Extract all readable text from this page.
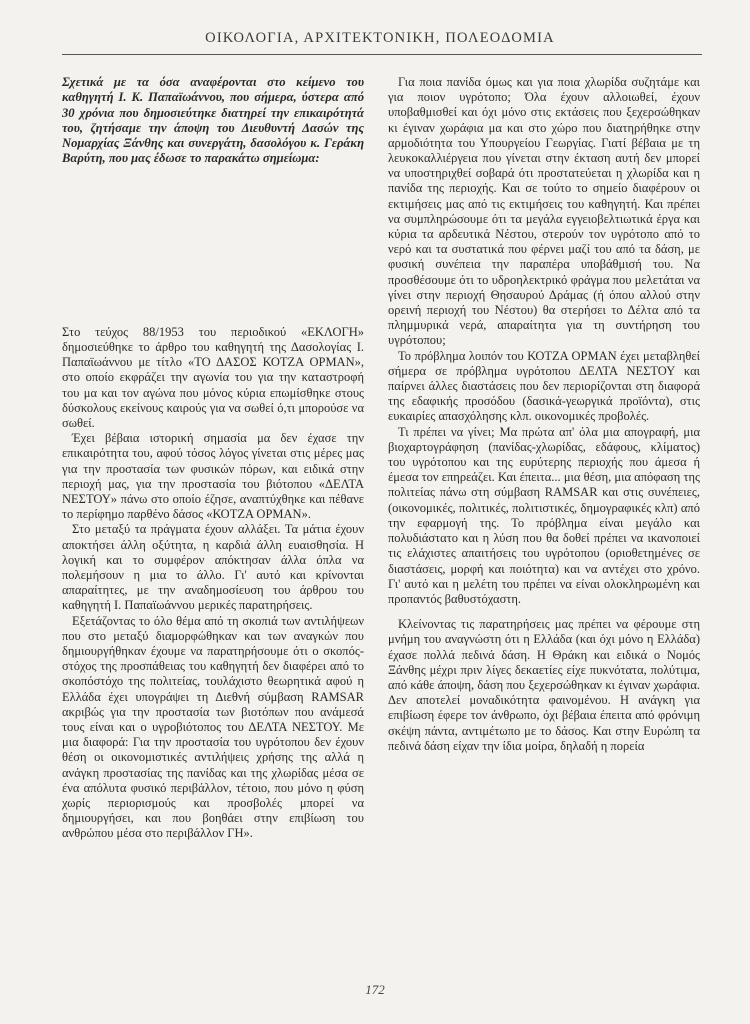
ΟΙΚΟΛΟΓΙΑ, ΑΡΧΙΤΕΚΤΟΝΙΚΗ, ΠΟΛΕΟΔΟΜΙΑ

Σχετικά με τα όσα αναφέρονται στο κείμενο του καθηγητή Ι. Κ. Παπαϊωάννου, που σήμερα, ύστερα από 30 χρόνια που δημοσιεύτηκε διατηρεί την επικαιρότητά του, ζητήσαμε την άποψη του Διευθυντή Δασών της Νομαρχίας Ξάνθης και συνεργάτη, δασολόγου κ. Γεράκη Βαρύτη, που μας έδωσε το παρακάτω σημείωμα:

Στο τεύχος 88/1953 του περιοδικού «ΕΚΛΟΓΗ» δημοσιεύθηκε το άρθρο του καθηγητή της Δασολογίας Ι. Παπαϊωάννου με τίτλο «ΤΟ ΔΑΣΟΣ ΚΟΤΖΑ ΟΡΜΑΝ», στο οποίο εκφράζει την αγωνία του για την καταστροφή του μα και τον αγώνα που μόνος κύρια επωμίσθηκε στους δύσκολους εκείνους καιρούς για να σωθεί ό,τι μπορούσε να σωθεί.

Έχει βέβαια ιστορική σημασία μα δεν έχασε την επικαιρότητα του, αφού τόσος λόγος γίνεται στις μέρες μας για την προστασία των φυσικών πόρων, και ειδικά στην περιοχή μας, για την προστασία του βιότοπου «ΔΕΛΤΑ ΝΕΣΤΟΥ» πάνω στο οποίο έζησε, αναπτύχθηκε και πέθανε το περίφημο παρθένο δάσος «ΚΟΤΖΑ ΟΡΜΑΝ».

Στο μεταξύ τα πράγματα έχουν αλλάξει. Τα μάτια έχουν αποκτήσει άλλη οξύτητα, η καρδιά άλλη ευαισθησία. Η λογική και το συμφέρον απόκτησαν άλλα όπλα να πολεμήσουν η μια το άλλο. Γι' αυτό και κρίνονται απαραίτητες, με την αναδημοσίευση του άρθρου του καθηγητή Ι. Παπαϊωάννου μερικές παρατηρήσεις.

Εξετάζοντας το όλο θέμα από τη σκοπιά των αντιλήψεων που στο μεταξύ διαμορφώθηκαν και των αναγκών που δημιουργήθηκαν έχουμε να παρατηρήσουμε ότι ο σκοπός-στόχος της προσπάθειας του καθηγητή δεν διαφέρει από το σκοπόστόχο της πολιτείας, τουλάχιστο θεωρητικά αφού η Ελλάδα έχει υπογράψει τη Διεθνή σύμβαση RAMSAR ακριβώς για την προστασία των βιοτόπων που ανάμεσά τους είναι και ο υγροβιότοπος του ΔΕΛΤΑ ΝΕΣΤΟΥ. Με μια διαφορά: Για την προστασία του υγρότοπου δεν έχουν θέση οι οικονομιστικές αντιλήψεις χρήσης της αλλά η ανάγκη προστασίας της πανίδας και της χλωρίδας μέσα σε ένα απόλυτα φυσικό περιβάλλον, τέτοιο, που μόνο η φύση χωρίς περιορισμούς και προσβολές μπορεί να δημιουργήσει, και που βοηθάει στην επιβίωση του ανθρώπου μέσα στο περιβάλλον ΓΗ».

Για ποια πανίδα όμως και για ποια χλωρίδα συζητάμε και για ποιον υγρότοπο; Όλα έχουν αλλοιωθεί, έχουν υποβαθμισθεί και όχι μόνο στις εκτάσεις που ξεχερσώθηκαν κι έγιναν χωράφια μα και στο χώρο που διατηρήθηκε στην αρμοδιότητα του Υπουργείου Γεωργίας. Γιατί βέβαια με τη λευκοκαλλιέργεια που γίνεται στην έκταση αυτή δεν μπορεί να υποστηριχθεί σοβαρά ότι προστατεύεται η χλωρίδα και η πανίδα της περιοχής. Και σε τούτο το σημείο διαφέρουν οι εκτιμήσεις μας από τις εκτιμήσεις του καθηγητή. Και πρέπει να συμπληρώσουμε ότι τα μεγάλα εγγειοβελτιωτικά έργα και κύρια τα αρδευτικά Νέστου, στερούν τον υγρότοπο από το νερό και τα συστατικά που φέρνει μαζί του από τα δάση, με φυσική συνέπεια την παραπέρα υποβάθμισή του. Να προσθέσουμε ότι το υδροηλεκτρικό φράγμα που μελετάται να γίνει στην περιοχή Θησαυρού Δράμας (ή όπου αλλού στην ορεινή περιοχή του Νέστου) θα στερήσει το Δέλτα από τα πλημμυρικά νερά, απαραίτητα για τη συντήρηση του υγρότοπου;

Το πρόβλημα λοιπόν του ΚΟΤΖΑ ΟΡΜΑΝ έχει μεταβληθεί σήμερα σε πρόβλημα υγρότοπου ΔΕΛΤΑ ΝΕΣΤΟΥ και παίρνει άλλες διαστάσεις που δεν περιορίζονται στη διαφορά της εδαφικής προσόδου (δασικά-γεωργικά προϊόντα), στις ευκαιρίες απασχόλησης κλπ. οικονομικές προβολές.

Τι πρέπει να γίνει; Μα πρώτα απ' όλα μια απογραφή, μια βιοχαρτογράφηση (πανίδας-χλωρίδας, εδάφους, κλίματος) του υγρότοπου και της ευρύτερης περιοχής που άμεσα ή έμεσα τον επηρεάζει. Και έπειτα... μια θέση, μια απόφαση της πολιτείας πάνω στη σύμβαση RAMSAR και στις συνέπειες, (οικονομικές, πολιτικές, πολιτιστικές, δημογραφικές κλπ) από την εφαρμογή της. Το πρόβλημα είναι μεγάλο και πολυδιάστατο και η λύση που θα δοθεί πρέπει να ικανοποιεί τις ελάχιστες απαιτήσεις του υγρότοπου (οριοθετημένες σε διαστάσεις, μορφή και ποιότητα) και να αντέχει στο χρόνο. Γι' αυτό και η μελέτη του πρέπει να είναι ολοκληρωμένη και προπαντός βαθυστόχαστη.

Κλείνοντας τις παρατηρήσεις μας πρέπει να φέρουμε στη μνήμη του αναγνώστη ότι η Ελλάδα (και όχι μόνο η Ελλάδα) έχασε πολλά πεδινά δάση. Η Θράκη και ειδικά ο Νομός Ξάνθης μέχρι πριν λίγες δεκαετίες είχε πυκνότατα, πολύτιμα, από κάθε άποψη, δάση που ξεχερσώθηκαν κι έγιναν χωράφια. Δεν αποτελεί μοναδικότητα φαινομένου. Η ανάγκη για επιβίωση έφερε τον άνθρωπο, όχι βέβαια έπειτα από φρόνιμη σκέψη πάντα, αντιμέτωπο με το δάσος. Και στην Ευρώπη τα πεδινά δάση είχαν την ίδια μοίρα, δηλαδή η πορεία

172
